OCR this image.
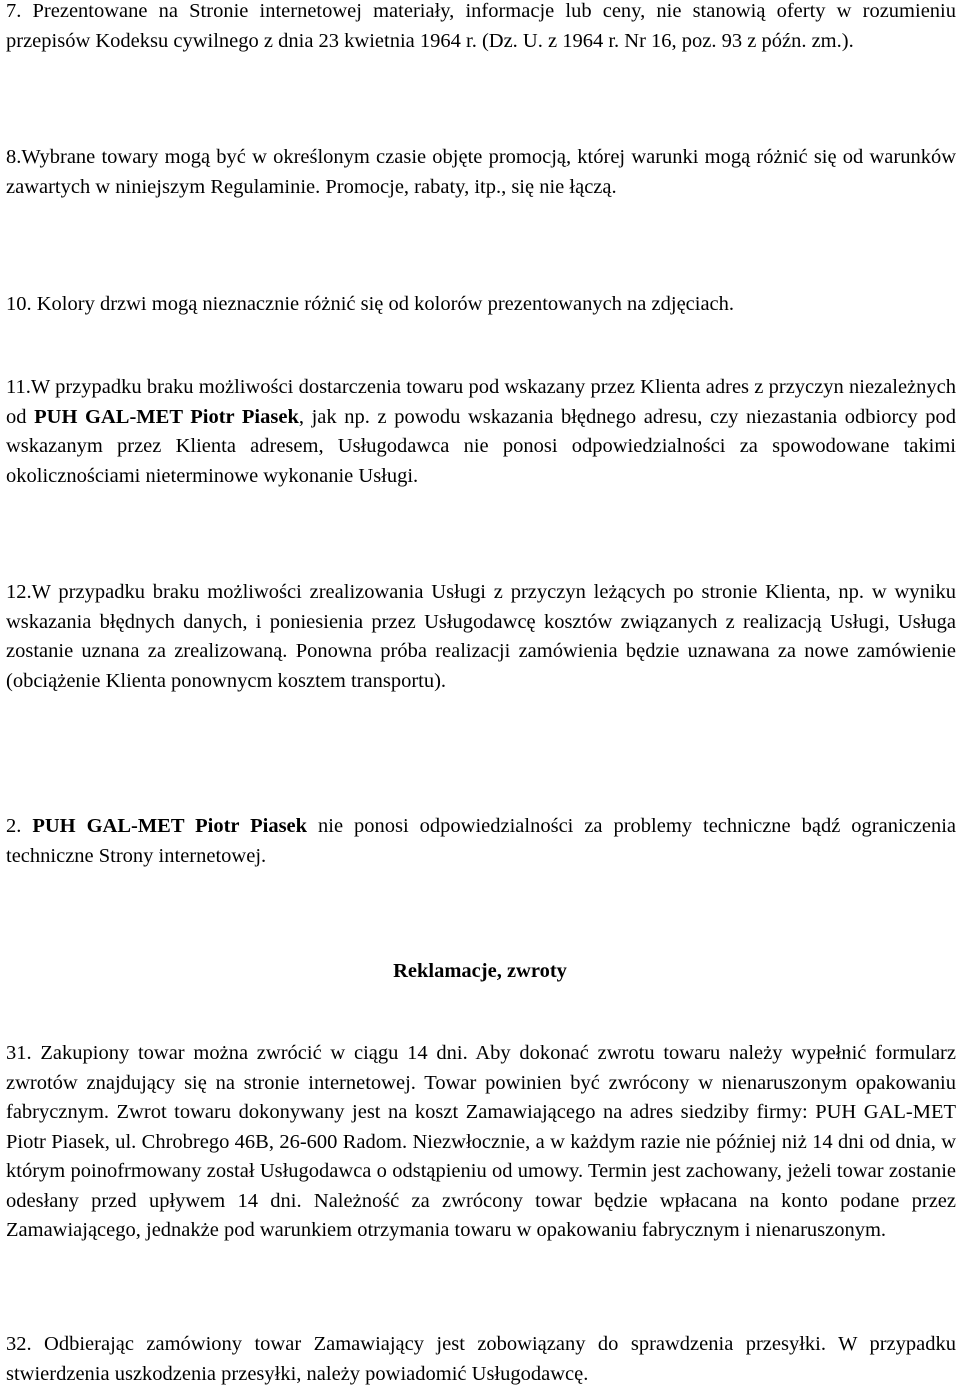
7. Prezentowane na Stronie internetowej materiały, informacje lub ceny, nie stanowią oferty w rozumieniu przepisów Kodeksu cywilnego z dnia 23 kwietnia 1964 r. (Dz. U. z 1964 r. Nr 16, poz. 93 z późn. zm.).

8.Wybrane towary mogą być w określonym czasie objęte promocją, której warunki mogą różnić się od warunków zawartych w niniejszym Regulaminie. Promocje, rabaty, itp., się nie łączą.

10. Kolory drzwi mogą nieznacznie różnić się od kolorów prezentowanych na zdjęciach.

11.W przypadku braku możliwości dostarczenia towaru pod wskazany przez Klienta adres z przyczyn niezależnych od PUH GAL-MET Piotr Piasek, jak np. z powodu wskazania błędnego adresu, czy niezastania odbiorcy pod wskazanym przez Klienta adresem, Usługodawca nie ponosi odpowiedzialności za spowodowane takimi okolicznościami nieterminowe wykonanie Usługi.

12.W przypadku braku możliwości zrealizowania Usługi z przyczyn leżących po stronie Klienta, np. w wyniku wskazania błędnych danych, i poniesienia przez Usługodawcę kosztów związanych z realizacją Usługi, Usługa zostanie uznana za zrealizowaną. Ponowna próba realizacji zamówienia będzie uznawana za nowe zamówienie (obciążenie Klienta ponownycm kosztem transportu).

2. PUH GAL-MET Piotr Piasek nie ponosi odpowiedzialności za problemy techniczne bądź ograniczenia techniczne Strony internetowej.

Reklamacje, zwroty

31. Zakupiony towar można zwrócić w ciągu 14 dni. Aby dokonać zwrotu towaru należy wypełnić formularz zwrotów znajdujący się na stronie internetowej. Towar powinien być zwrócony w nienaruszonym opakowaniu fabrycznym. Zwrot towaru dokonywany jest na koszt Zamawiającego na adres siedziby firmy: PUH GAL-MET Piotr Piasek, ul. Chrobrego 46B, 26-600 Radom. Niezwłocznie, a w każdym razie nie później niż 14 dni od dnia, w którym poinofrmowany został Usługodawca o odstąpieniu od umowy. Termin jest zachowany, jeżeli towar zostanie odesłany przed upływem 14 dni. Należność za zwrócony towar będzie wpłacana na konto podane przez Zamawiającego, jednakże pod warunkiem otrzymania towaru w opakowaniu fabrycznym i nienaruszonym.

32. Odbierając zamówiony towar Zamawiający jest zobowiązany do sprawdzenia przesyłki. W przypadku stwierdzenia uszkodzenia przesyłki, należy powiadomić Usługodawcę.
